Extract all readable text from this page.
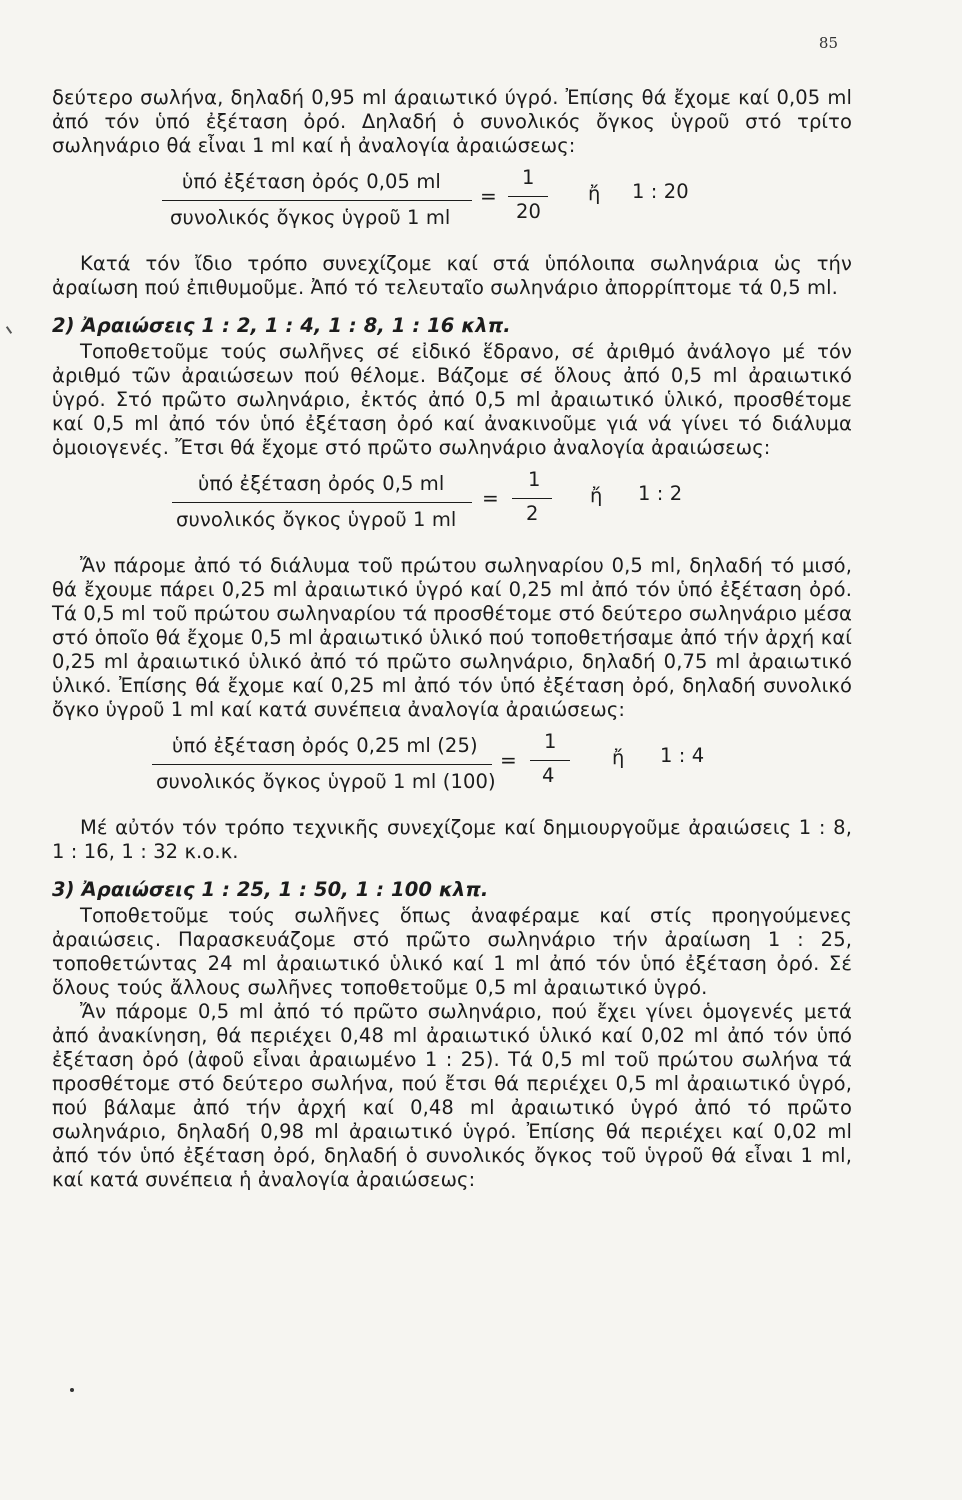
85

δεύτερο σωλήνα, δηλαδή 0,95 ml άραιωτικό ύγρό. Ἐπίσης θά ἔχομε καί 0,05 ml ἀπό τόν ὑπό ἐξέταση ὀρό. Δηλαδή ὁ συνολικός ὄγκος ὑγροῦ στό τρίτο σωληνάριο θά εἶναι 1 ml καί ἡ ἀναλογία ἀραιώσεως:

ὑπό ἐξέταση ὀρός 0,05 ml
συνολικός ὄγκος ὑγροῦ 1 ml
=
1
20
ἤ 1 : 20

Κατά τόν ἴδιο τρόπο συνεχίζομε καί στά ὑπόλοιπα σωληνάρια ὡς τήν ἀραίωση πού ἐπιθυμοῦμε. Ἀπό τό τελευταῖο σωληνάριο ἀπορρίπτομε τά 0,5 ml.

2) Ἀραιώσεις 1 : 2, 1 : 4, 1 : 8, 1 : 16 κλπ.

Τοποθετοῦμε τούς σωλῆνες σέ εἰδικό ἕδρανο, σέ ἀριθμό ἀνάλογο μέ τόν ἀριθμό τῶν ἀραιώσεων πού θέλομε. Βάζομε σέ ὅλους ἀπό 0,5 ml ἀραιωτικό ὑγρό. Στό πρῶτο σωληνάριο, ἐκτός ἀπό 0,5 ml ἀραιωτικό ὑλικό, προσθέτομε καί 0,5 ml ἀπό τόν ὑπό ἐξέταση ὀρό καί ἀνακινοῦμε γιά νά γίνει τό διάλυμα ὁμοιογενές. Ἔτσι θά ἔχομε στό πρῶτο σωληνάριο ἀναλογία ἀραιώσεως:

ὑπό ἐξέταση ὀρός 0,5 ml
συνολικός ὄγκος ὑγροῦ 1 ml
=
1
2
ἤ 1 : 2

Ἄν πάρομε ἀπό τό διάλυμα τοῦ πρώτου σωληναρίου 0,5 ml, δηλαδή τό μισό, θά ἔχουμε πάρει 0,25 ml ἀραιωτικό ὑγρό καί 0,25 ml ἀπό τόν ὑπό ἐξέταση ὀρό. Τά 0,5 ml τοῦ πρώτου σωληναρίου τά προσθέτομε στό δεύτερο σωληνάριο μέσα στό ὁποῖο θά ἔχομε 0,5 ml ἀραιωτικό ὑλικό πού τοποθετήσαμε ἀπό τήν ἀρχή καί 0,25 ml ἀραιωτικό ὑλικό ἀπό τό πρῶτο σωληνάριο, δηλαδή 0,75 ml ἀραιωτικό ὑλικό. Ἐπίσης θά ἔχομε καί 0,25 ml ἀπό τόν ὑπό ἐξέταση ὀρό, δηλαδή συνολικό ὄγκο ὑγροῦ 1 ml καί κατά συνέπεια ἀναλογία ἀραιώσεως:

ὑπό ἐξέταση ὀρός 0,25 ml (25)
συνολικός ὄγκος ὑγροῦ 1 ml (100)
=
1
4
ἤ 1 : 4

Μέ αὐτόν τόν τρόπο τεχνικῆς συνεχίζομε καί δημιουργοῦμε ἀραιώσεις 1 : 8, 1 : 16, 1 : 32 κ.ο.κ.

3) Ἀραιώσεις 1 : 25, 1 : 50, 1 : 100 κλπ.

Τοποθετοῦμε τούς σωλῆνες ὅπως ἀναφέραμε καί στίς προηγούμενες ἀραιώσεις. Παρασκευάζομε στό πρῶτο σωληνάριο τήν ἀραίωση 1 : 25, τοποθετώντας 24 ml ἀραιωτικό ὑλικό καί 1 ml ἀπό τόν ὑπό ἐξέταση ὀρό. Σέ ὅλους τούς ἄλλους σωλῆνες τοποθετοῦμε 0,5 ml ἀραιωτικό ὑγρό.

Ἄν πάρομε 0,5 ml ἀπό τό πρῶτο σωληνάριο, πού ἔχει γίνει ὁμογενές μετά ἀπό ἀνακίνηση, θά περιέχει 0,48 ml ἀραιωτικό ὑλικό καί 0,02 ml ἀπό τόν ὑπό ἐξέταση ὀρό (ἀφοῦ εἶναι ἀραιωμένο 1 : 25). Τά 0,5 ml τοῦ πρώτου σωλήνα τά προσθέτομε στό δεύτερο σωλήνα, πού ἔτσι θά περιέχει 0,5 ml ἀραιωτικό ὑγρό, πού βάλαμε ἀπό τήν ἀρχή καί 0,48 ml ἀραιωτικό ὑγρό ἀπό τό πρῶτο σωληνάριο, δηλαδή 0,98 ml ἀραιωτικό ὑγρό. Ἐπίσης θά περιέχει καί 0,02 ml ἀπό τόν ὑπό ἐξέταση ὀρό, δηλαδή ὁ συνολικός ὄγκος τοῦ ὑγροῦ θά εἶναι 1 ml, καί κατά συνέπεια ἡ ἀναλογία ἀραιώσεως:
